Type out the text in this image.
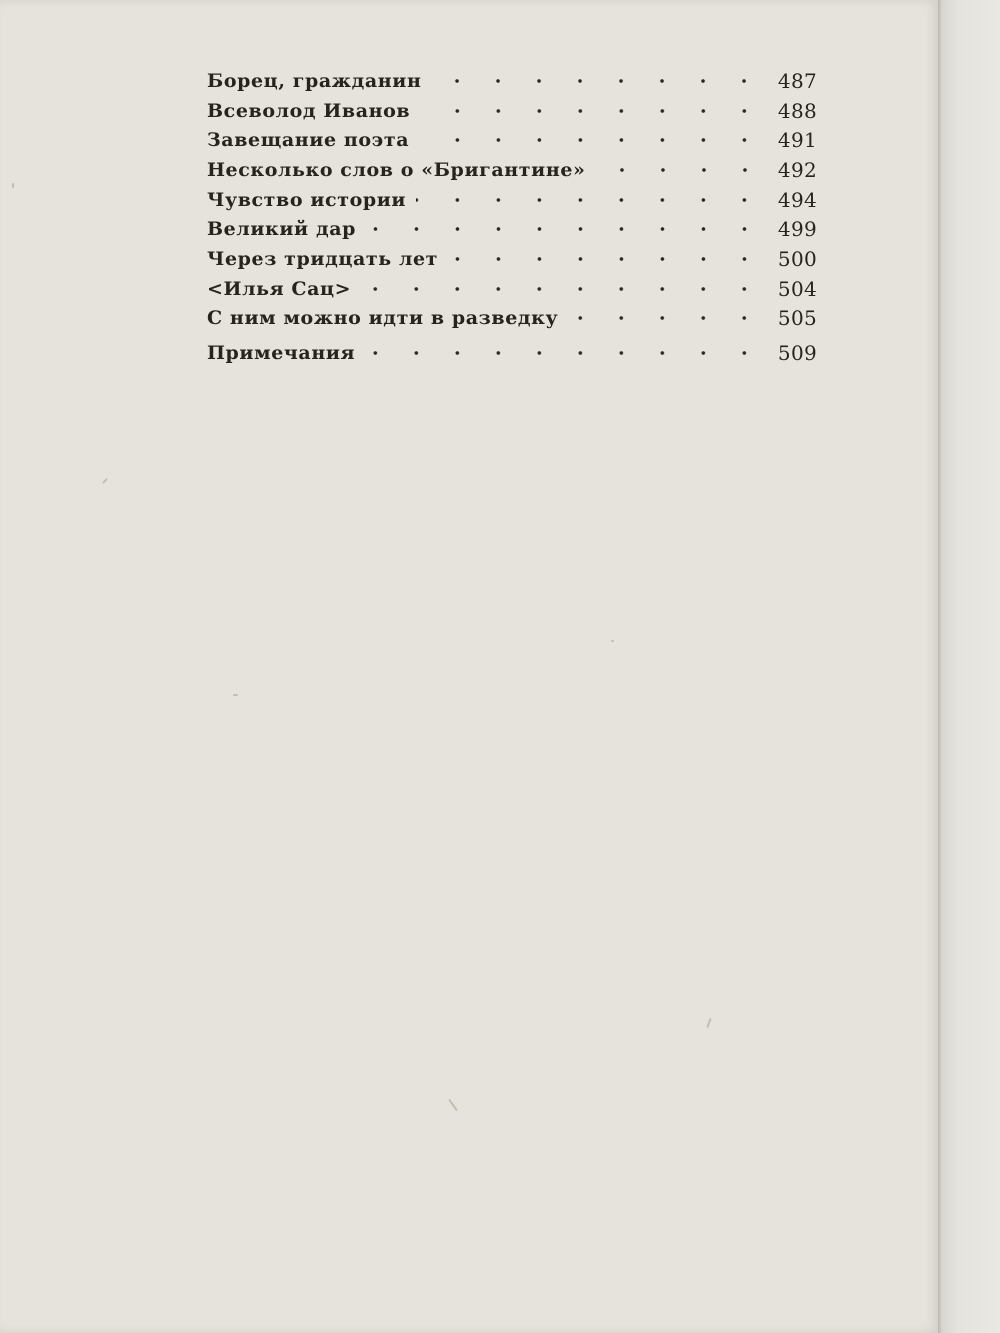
Борец, гражданин	487
Всеволод Иванов	488
Завещание поэта	491
Несколько слов о «Бригантине»	492
Чувство истории	494
Великий дар	499
Через тридцать лет	500
<Илья Сац>	504
С ним можно идти в разведку	505
Примечания	509
